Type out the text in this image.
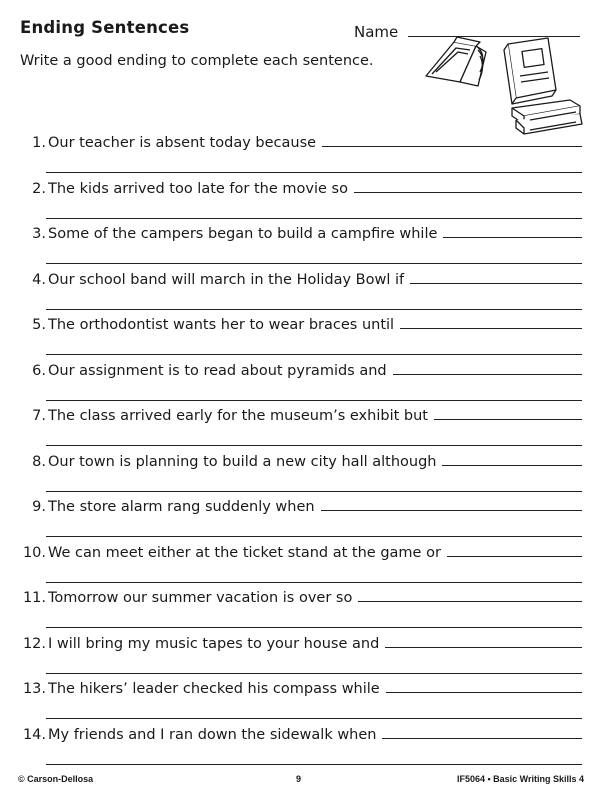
Ending Sentences	Name
Write a good ending to complete each sentence.
1. Our teacher is absent today because
2. The kids arrived too late for the movie so
3. Some of the campers began to build a campfire while
4. Our school band will march in the Holiday Bowl if
5. The orthodontist wants her to wear braces until
6. Our assignment is to read about pyramids and
7. The class arrived early for the museum’s exhibit but
8. Our town is planning to build a new city hall although
9. The store alarm rang suddenly when
10. We can meet either at the ticket stand at the game or
11. Tomorrow our summer vacation is over so
12. I will bring my music tapes to your house and
13. The hikers’ leader checked his compass while
14. My friends and I ran down the sidewalk when
© Carson-Dellosa	9	IF5064 • Basic Writing Skills 4
